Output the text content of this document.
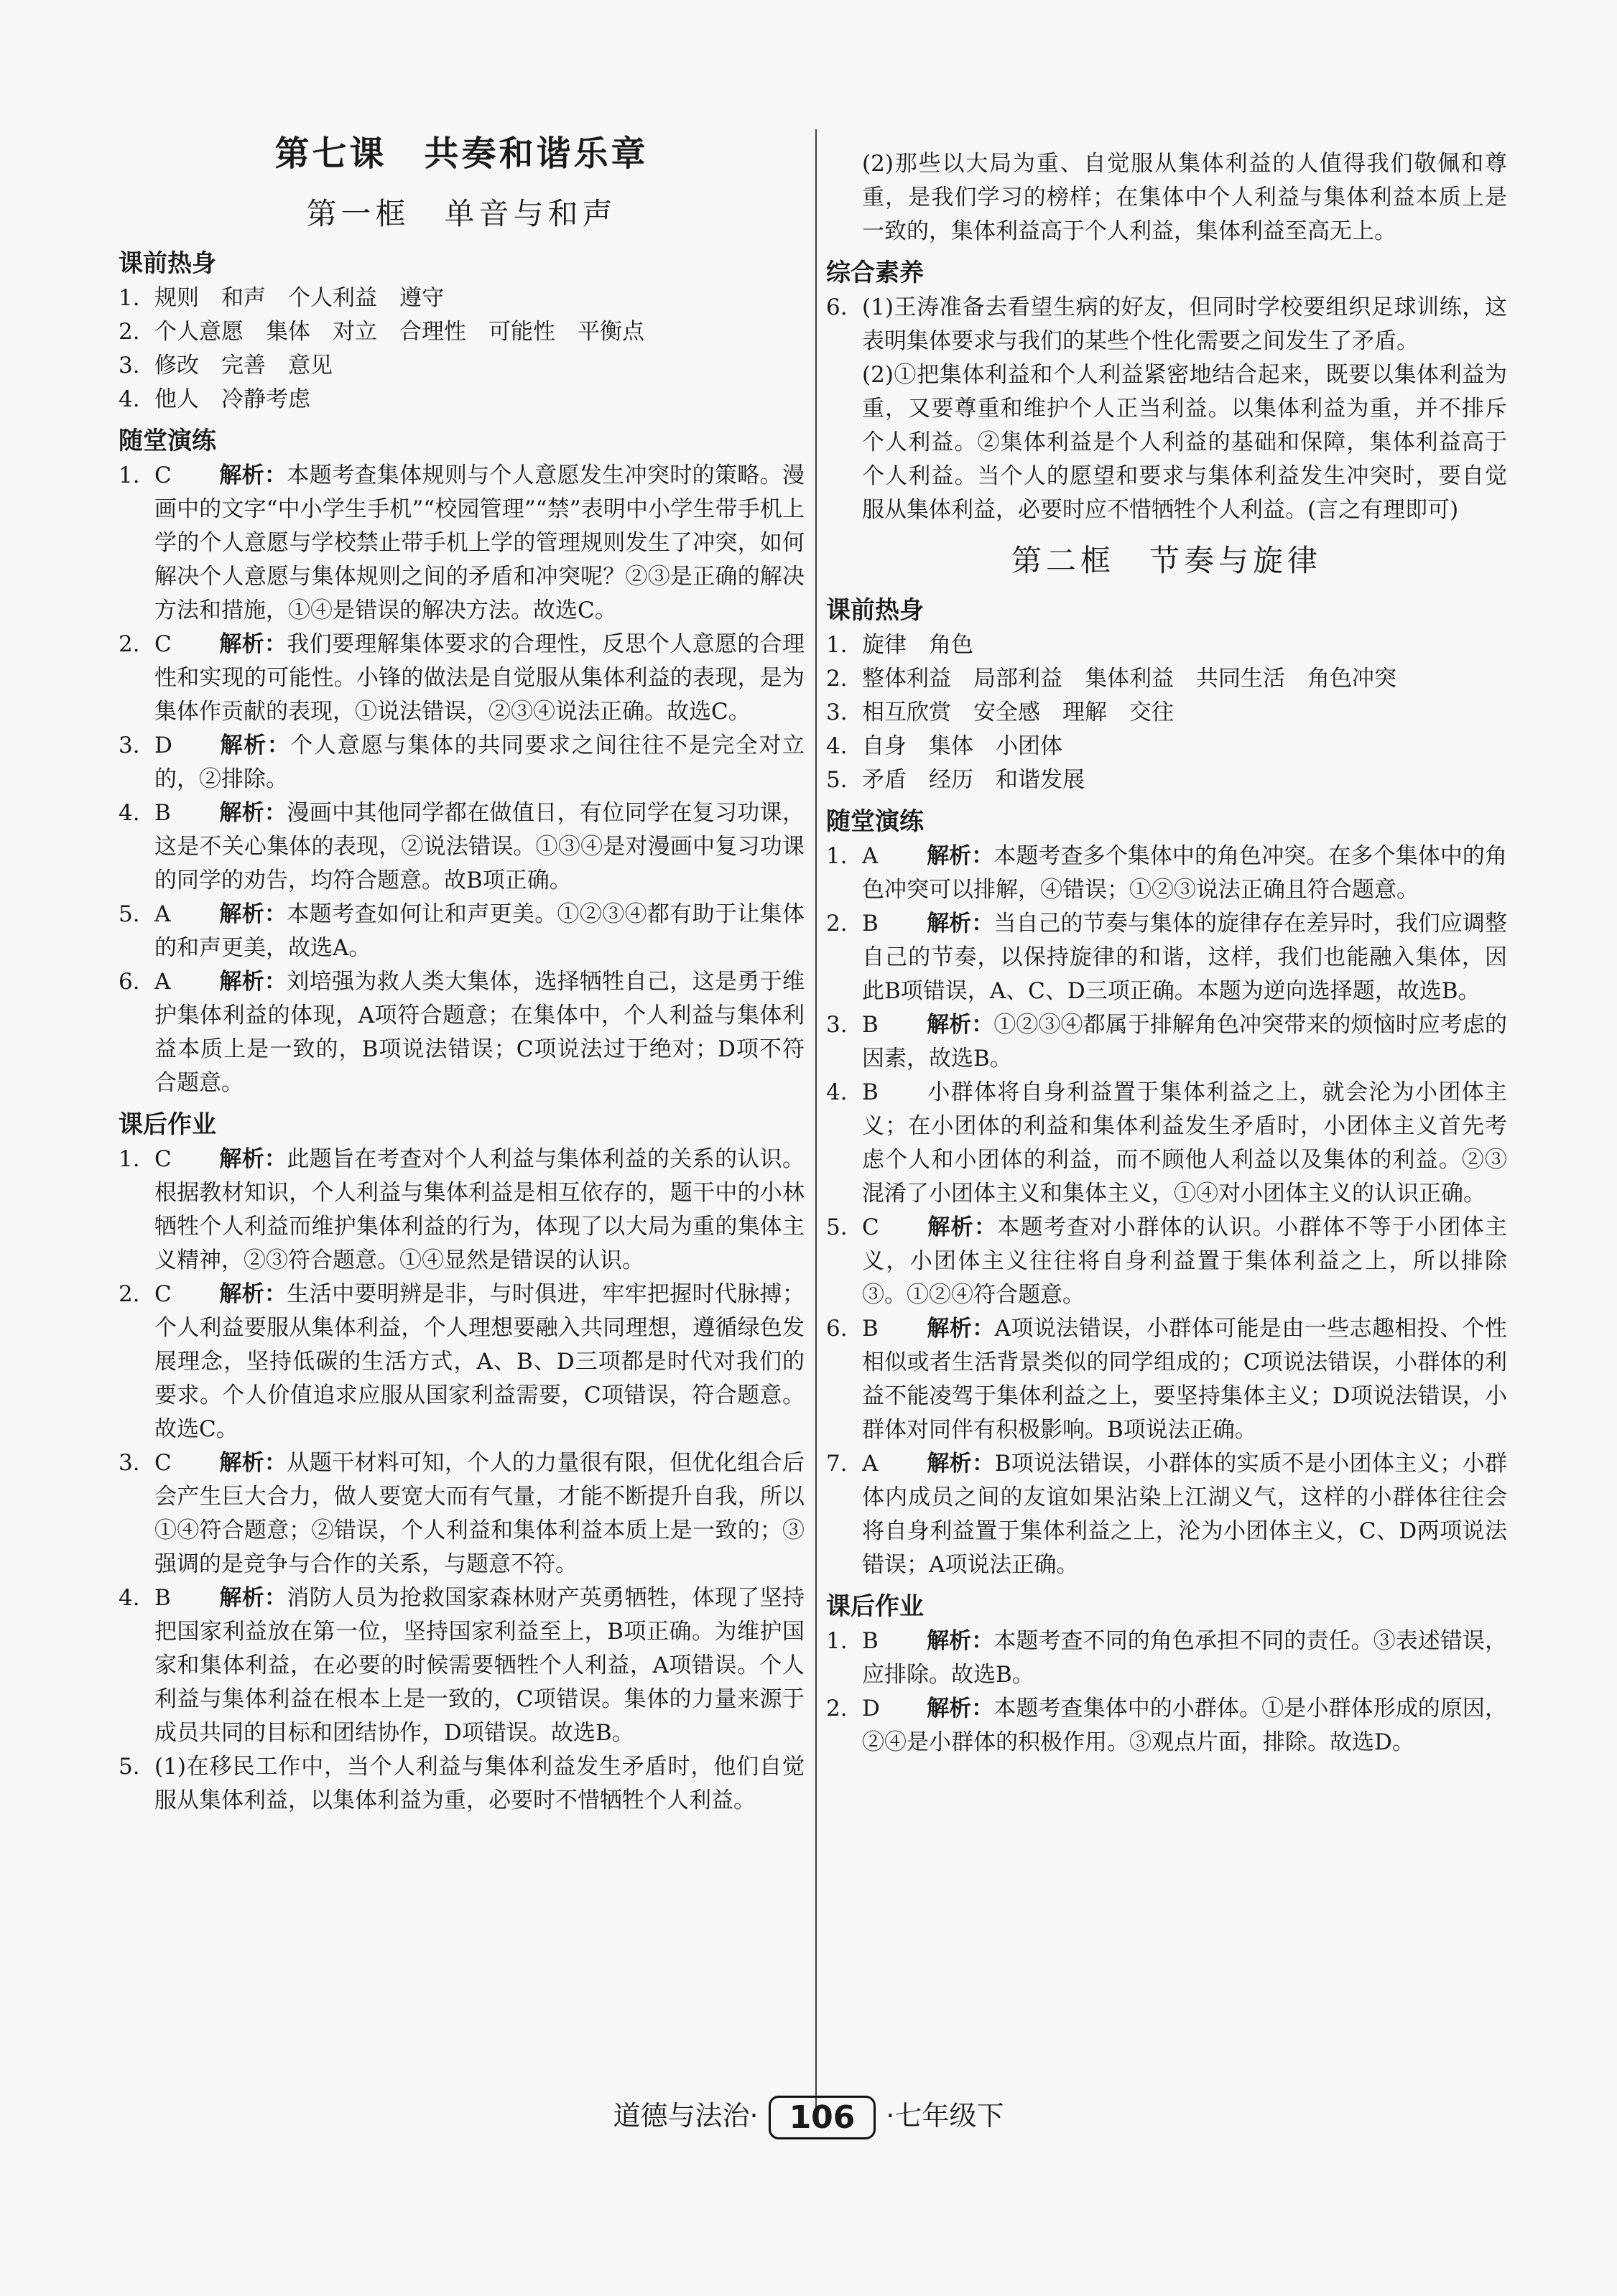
第七课　共奏和谐乐章
第一框　单音与和声
课前热身
1. 规则　和声　个人利益　遵守
2. 个人意愿　集体　对立　合理性　可能性　平衡点
3. 修改　完善　意见
4. 他人　冷静考虑
随堂演练
1. C 解析：本题考查集体规则与个人意愿发生冲突时的策略。漫画中的文字“中小学生手机”“校园管理”“禁”表明中小学生带手机上学的个人意愿与学校禁止带手机上学的管理规则发生了冲突，如何解决个人意愿与集体规则之间的矛盾和冲突呢？②③是正确的解决方法和措施，①④是错误的解决方法。故选C。
2. C 解析：我们要理解集体要求的合理性，反思个人意愿的合理性和实现的可能性。小锋的做法是自觉服从集体利益的表现，是为集体作贡献的表现，①说法错误，②③④说法正确。故选C。
3. D 解析：个人意愿与集体的共同要求之间往往不是完全对立的，②排除。
4. B 解析：漫画中其他同学都在做值日，有位同学在复习功课，这是不关心集体的表现，②说法错误。①③④是对漫画中复习功课的同学的劝告，均符合题意。故B项正确。
5. A 解析：本题考查如何让和声更美。①②③④都有助于让集体的和声更美，故选A。
6. A 解析：刘培强为救人类大集体，选择牺牲自己，这是勇于维护集体利益的体现，A项符合题意；在集体中，个人利益与集体利益本质上是一致的，B项说法错误；C项说法过于绝对；D项不符合题意。
课后作业
1. C 解析：此题旨在考查对个人利益与集体利益的关系的认识。根据教材知识，个人利益与集体利益是相互依存的，题干中的小林牺牲个人利益而维护集体利益的行为，体现了以大局为重的集体主义精神，②③符合题意。①④显然是错误的认识。
2. C 解析：生活中要明辨是非，与时俱进，牢牢把握时代脉搏；个人利益要服从集体利益，个人理想要融入共同理想，遵循绿色发展理念，坚持低碳的生活方式，A、B、D三项都是时代对我们的要求。个人价值追求应服从国家利益需要，C项错误，符合题意。故选C。
3. C 解析：从题干材料可知，个人的力量很有限，但优化组合后会产生巨大合力，做人要宽大而有气量，才能不断提升自我，所以①④符合题意；②错误，个人利益和集体利益本质上是一致的；③强调的是竞争与合作的关系，与题意不符。
4. B 解析：消防人员为抢救国家森林财产英勇牺牲，体现了坚持把国家利益放在第一位，坚持国家利益至上，B项正确。为维护国家和集体利益，在必要的时候需要牺牲个人利益，A项错误。个人利益与集体利益在根本上是一致的，C项错误。集体的力量来源于成员共同的目标和团结协作，D项错误。故选B。
5. (1)在移民工作中，当个人利益与集体利益发生矛盾时，他们自觉服从集体利益，以集体利益为重，必要时不惜牺牲个人利益。
(2)那些以大局为重、自觉服从集体利益的人值得我们敬佩和尊重，是我们学习的榜样；在集体中个人利益与集体利益本质上是一致的，集体利益高于个人利益，集体利益至高无上。
综合素养
6. (1)王涛准备去看望生病的好友，但同时学校要组织足球训练，这表明集体要求与我们的某些个性化需要之间发生了矛盾。
(2)①把集体利益和个人利益紧密地结合起来，既要以集体利益为重，又要尊重和维护个人正当利益。以集体利益为重，并不排斥个人利益。②集体利益是个人利益的基础和保障，集体利益高于个人利益。当个人的愿望和要求与集体利益发生冲突时，要自觉服从集体利益，必要时应不惜牺牲个人利益。(言之有理即可)
第二框　节奏与旋律
课前热身
1. 旋律　角色
2. 整体利益　局部利益　集体利益　共同生活　角色冲突
3. 相互欣赏　安全感　理解　交往
4. 自身　集体　小团体
5. 矛盾　经历　和谐发展
随堂演练
1. A 解析：本题考查多个集体中的角色冲突。在多个集体中的角色冲突可以排解，④错误；①②③说法正确且符合题意。
2. B 解析：当自己的节奏与集体的旋律存在差异时，我们应调整自己的节奏，以保持旋律的和谐，这样，我们也能融入集体，因此B项错误，A、C、D三项正确。本题为逆向选择题，故选B。
3. B 解析：①②③④都属于排解角色冲突带来的烦恼时应考虑的因素，故选B。
4. B 小群体将自身利益置于集体利益之上，就会沦为小团体主义；在小团体的利益和集体利益发生矛盾时，小团体主义首先考虑个人和小团体的利益，而不顾他人利益以及集体的利益。②③混淆了小团体主义和集体主义，①④对小团体主义的认识正确。
5. C 解析：本题考查对小群体的认识。小群体不等于小团体主义，小团体主义往往将自身利益置于集体利益之上，所以排除③。①②④符合题意。
6. B 解析：A项说法错误，小群体可能是由一些志趣相投、个性相似或者生活背景类似的同学组成的；C项说法错误，小群体的利益不能凌驾于集体利益之上，要坚持集体主义；D项说法错误，小群体对同伴有积极影响。B项说法正确。
7. A 解析：B项说法错误，小群体的实质不是小团体主义；小群体内成员之间的友谊如果沾染上江湖义气，这样的小群体往往会将自身利益置于集体利益之上，沦为小团体主义，C、D两项说法错误；A项说法正确。
课后作业
1. B 解析：本题考查不同的角色承担不同的责任。③表述错误，应排除。故选B。
2. D 解析：本题考查集体中的小群体。①是小群体形成的原因，②④是小群体的积极作用。③观点片面，排除。故选D。
道德与法治· 106 ·七年级下
